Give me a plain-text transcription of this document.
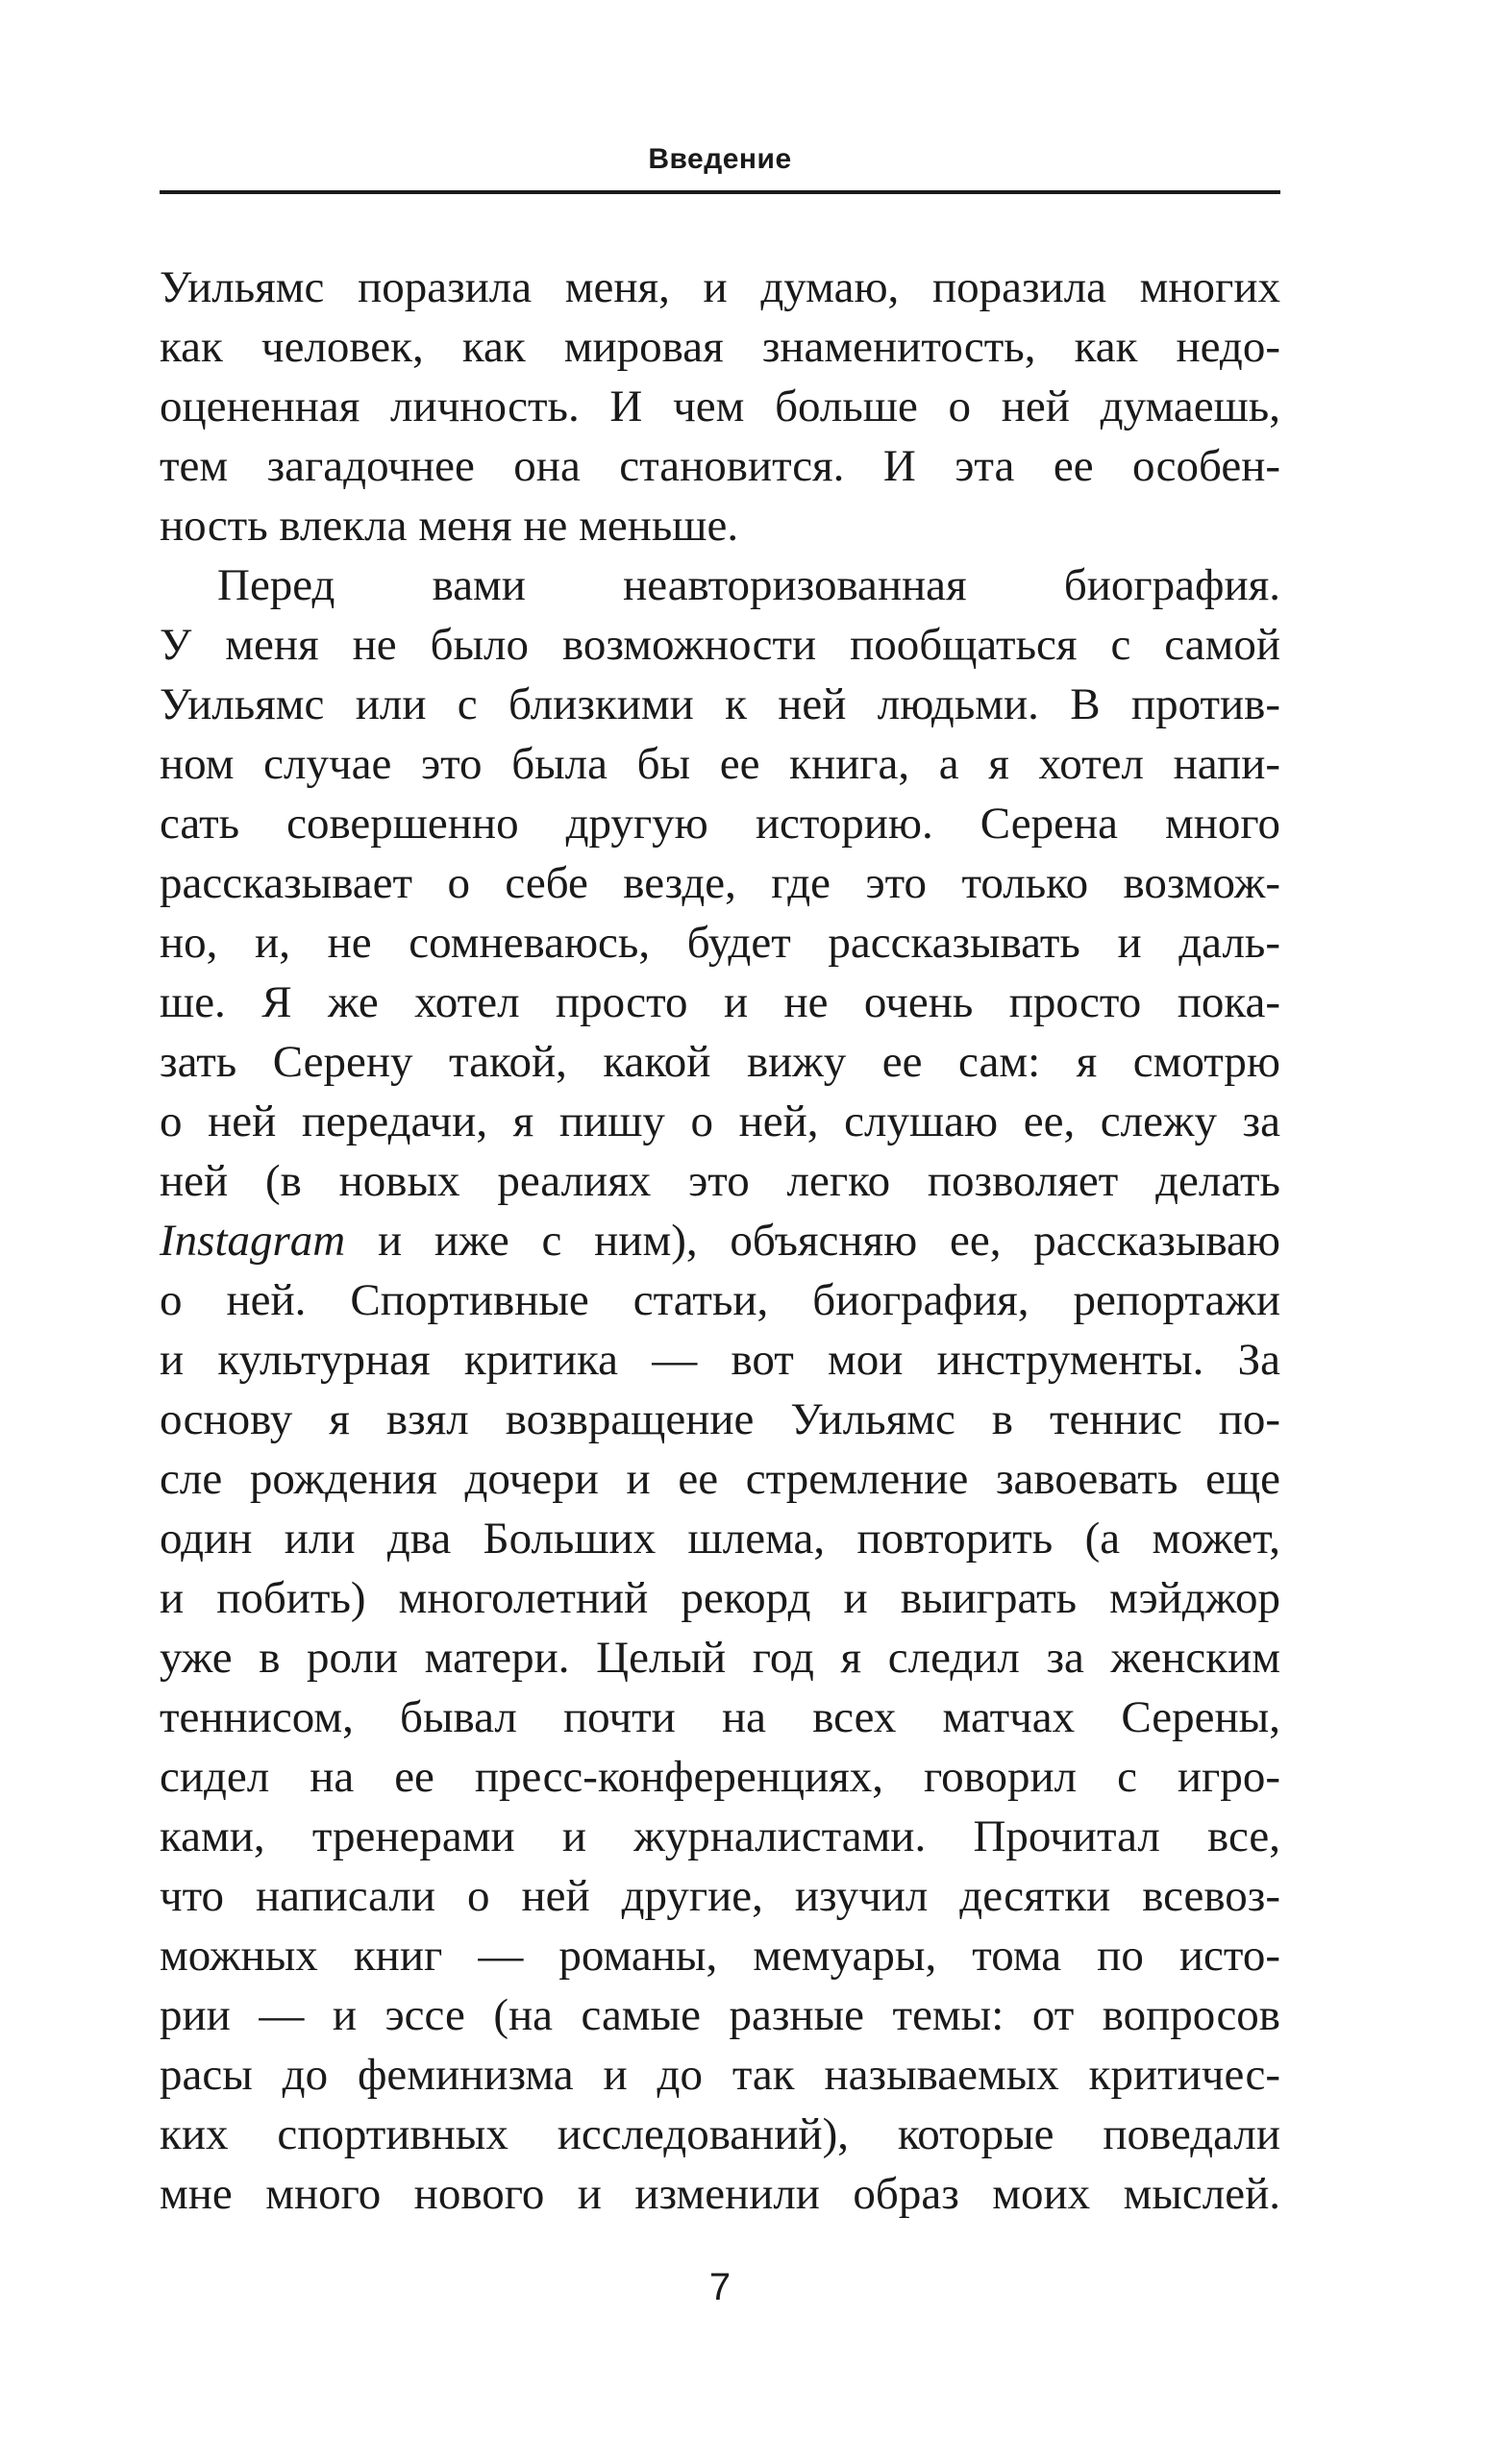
Введение
Уильямс поразила меня, и думаю, поразила многих
как человек, как мировая знаменитость, как недо-
оцененная личность. И чем больше о ней думаешь,
тем загадочнее она становится. И эта ее особен-
ность влекла меня не меньше.
Перед вами неавторизованная биография.
У меня не было возможности пообщаться с самой
Уильямс или с близкими к ней людьми. В против-
ном случае это была бы ее книга, а я хотел напи-
сать совершенно другую историю. Серена много
рассказывает о себе везде, где это только возмож-
но, и, не сомневаюсь, будет рассказывать и даль-
ше. Я же хотел просто и не очень просто пока-
зать Серену такой, какой вижу ее сам: я смотрю
о ней передачи, я пишу о ней, слушаю ее, слежу за
ней (в новых реалиях это легко позволяет делать
Instagram и иже с ним), объясняю ее, рассказываю
о ней. Спортивные статьи, биография, репортажи
и культурная критика — вот мои инструменты. За
основу я взял возвращение Уильямс в теннис по-
сле рождения дочери и ее стремление завоевать еще
один или два Больших шлема, повторить (а может,
и побить) многолетний рекорд и выиграть мэйджор
уже в роли матери. Целый год я следил за женским
теннисом, бывал почти на всех матчах Серены,
сидел на ее пресс-конференциях, говорил с игро-
ками, тренерами и журналистами. Прочитал все,
что написали о ней другие, изучил десятки всевоз-
можных книг — романы, мемуары, тома по исто-
рии — и эссе (на самые разные темы: от вопросов
расы до феминизма и до так называемых критичес-
ких спортивных исследований), которые поведали
мне много нового и изменили образ моих мыслей.
7
